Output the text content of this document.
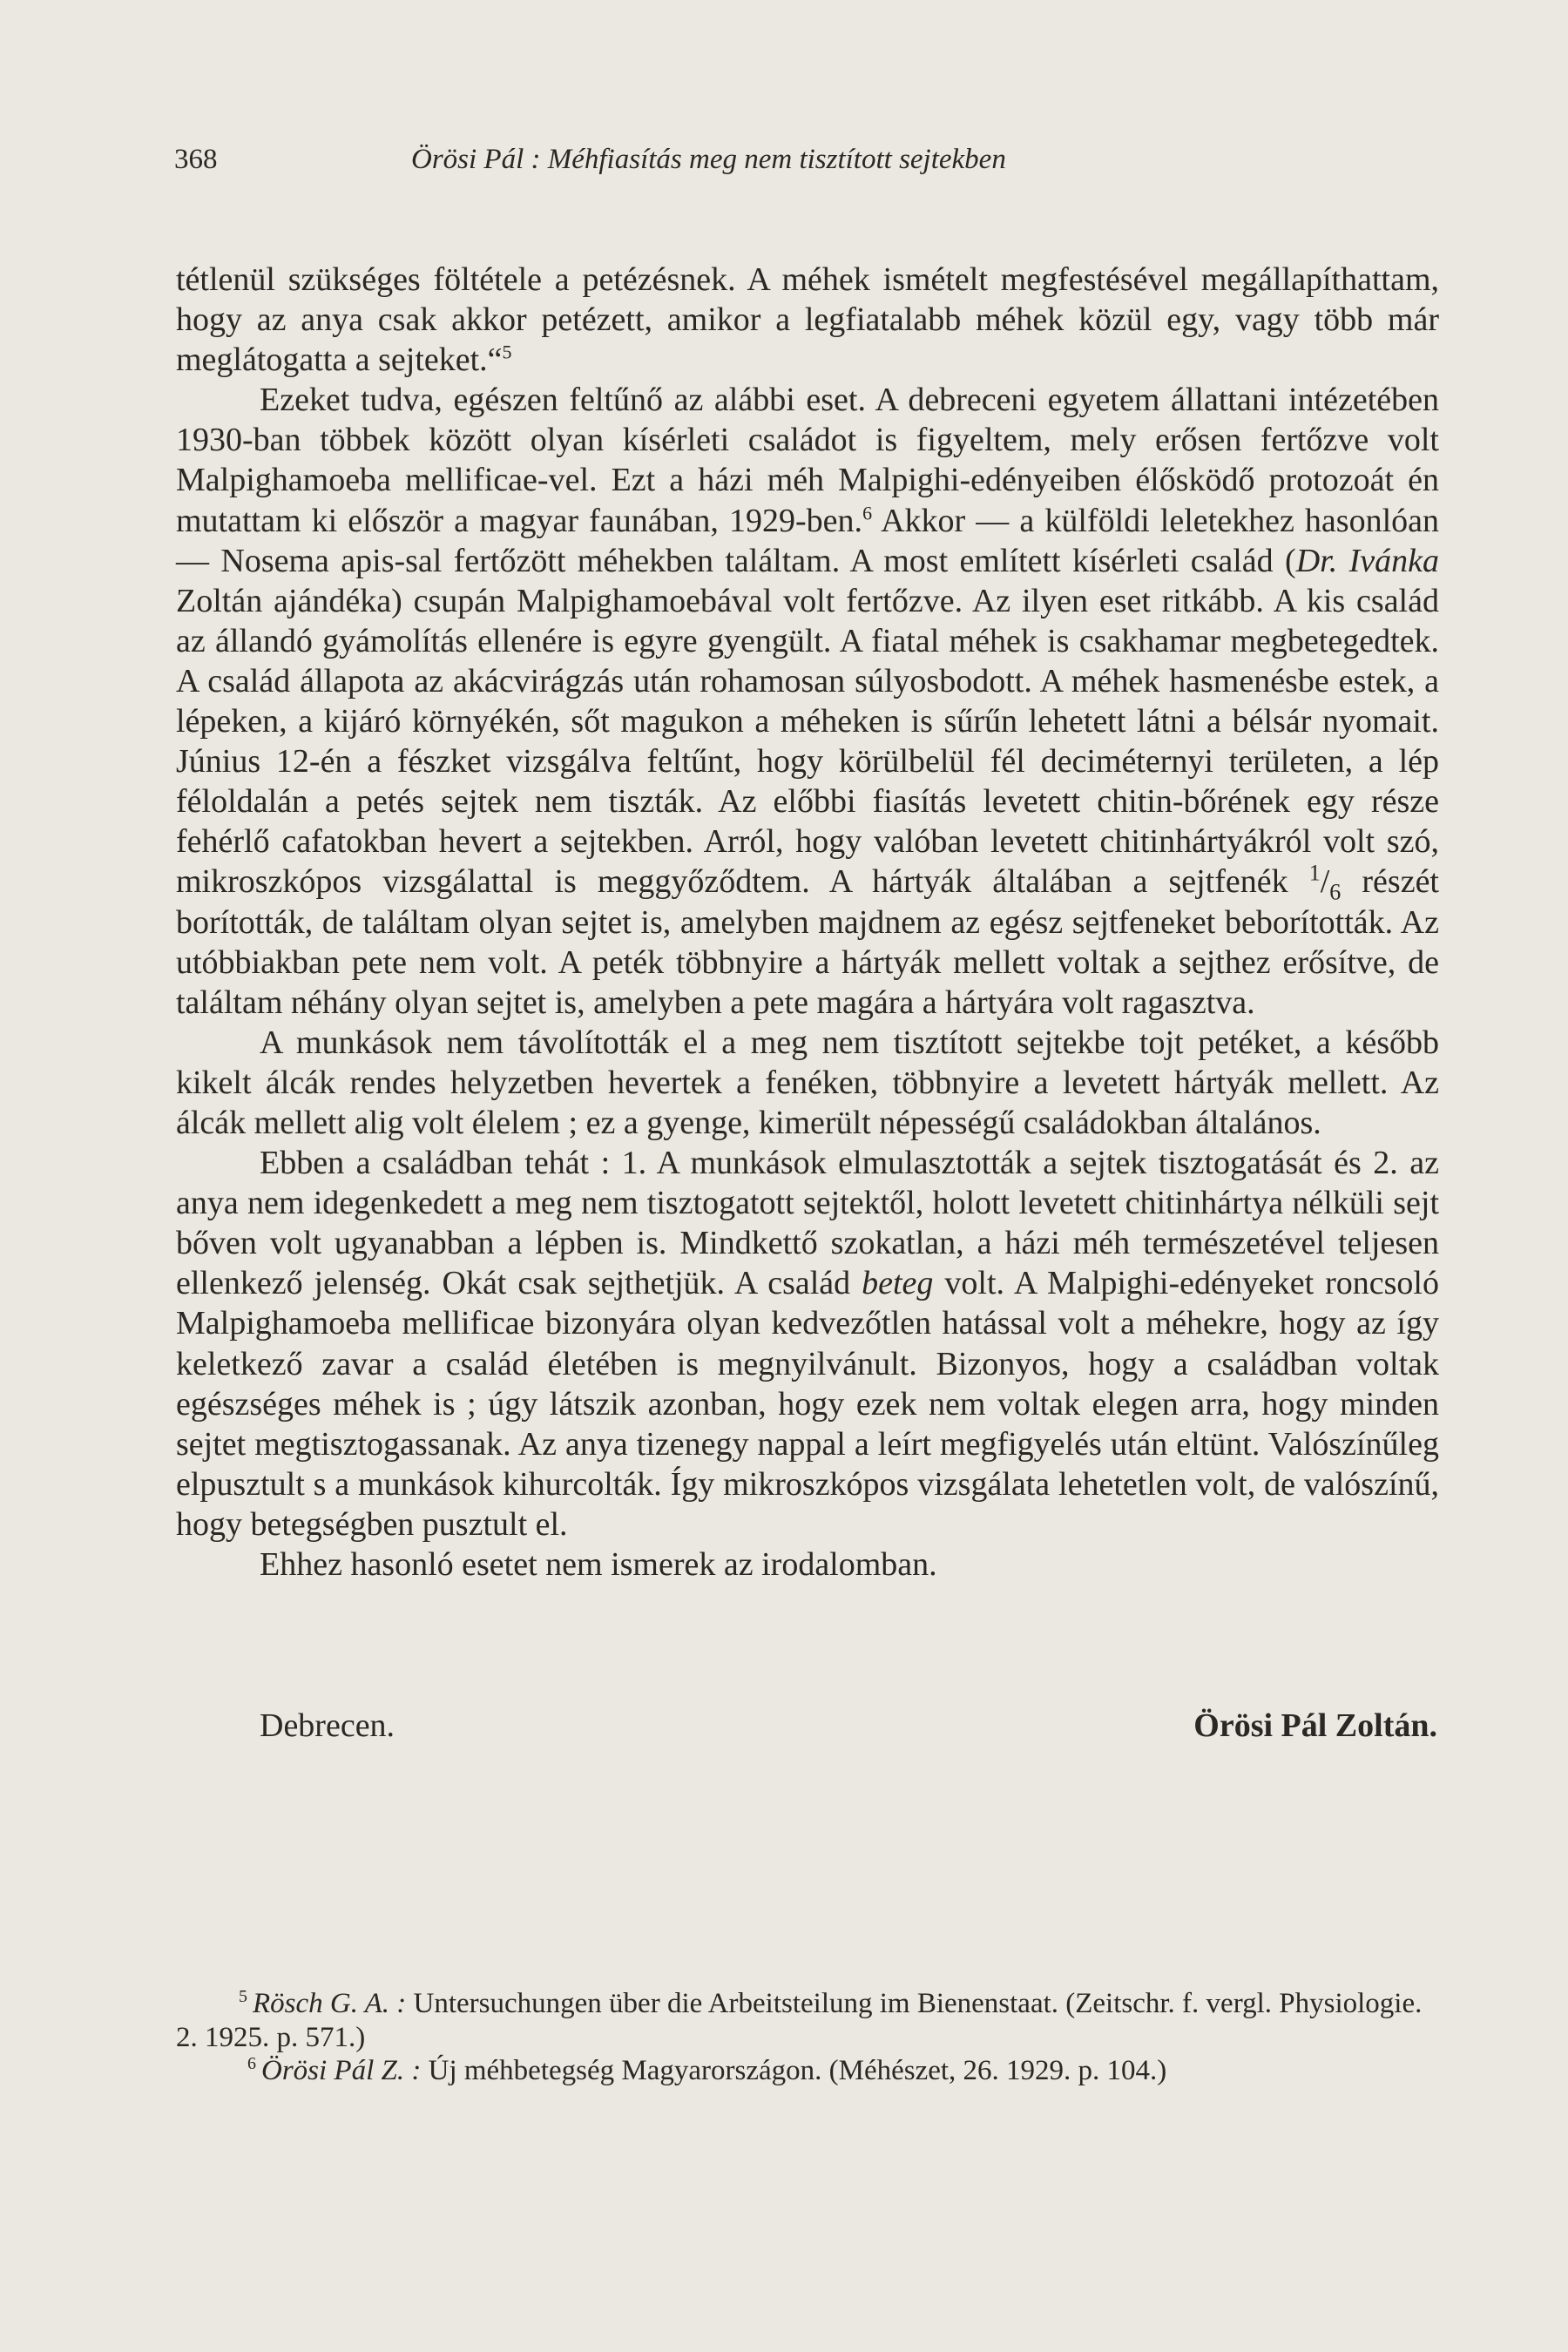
368	Örösi Pál : Méhfiasítás meg nem tisztított sejtekben

tétlenül szükséges föltétele a petézésnek. A méhek ismételt megfestésével megállapíthattam, hogy az anya csak akkor petézett, amikor a legfiatalabb méhek közül egy, vagy több már meglátogatta a sejteket.“$^5$

Ezeket tudva, egészen feltűnő az alábbi eset. A debreceni egyetem állattani intézetében 1930-ban többek között olyan kísérleti családot is figyeltem, mely erősen fertőzve volt Malpighamoeba mellificae-vel. Ezt a házi méh Malpighi-edényeiben élősködő protozoát én mutattam ki először a magyar faunában, 1929-ben.$^6$ Akkor — a külföldi leletekhez hasonlóan — Nosema apis-sal fertőzött méhekben találtam. A most említett kísérleti család (Dr. Ivánka Zoltán ajándéka) csupán Malpighamoebával volt fertőzve. Az ilyen eset ritkább. A kis család az állandó gyámolítás ellenére is egyre gyengült. A fiatal méhek is csakhamar megbetegedtek. A család állapota az akácvirágzás után rohamosan súlyosbodott. A méhek hasmenésbe estek, a lépeken, a kijáró környékén, sőt magukon a méheken is sűrűn lehetett látni a bélsár nyomait. Június 12-én a fészket vizsgálva feltűnt, hogy körülbelül fél deciméternyi területen, a lép féloldalán a petés sejtek nem tiszták. Az előbbi fiasítás levetett chitin-bőrének egy része fehérlő cafatokban hevert a sejtekben. Arról, hogy valóban levetett chitinhártyákról volt szó, mikroszkópos vizsgálattal is meggyőződtem. A hártyák általában a sejtfenék $^1/_6$ részét borították, de találtam olyan sejtet is, amelyben majdnem az egész sejtfeneket beborították. Az utóbbiakban pete nem volt. A peték többnyire a hártyák mellett voltak a sejthez erősítve, de találtam néhány olyan sejtet is, amelyben a pete magára a hártyára volt ragasztva.

A munkások nem távolították el a meg nem tisztított sejtekbe tojt petéket, a később kikelt álcák rendes helyzetben hevertek a fenéken, többnyire a levetett hártyák mellett. Az álcák mellett alig volt élelem ; ez a gyenge, kimerült népességű családokban általános.

Ebben a családban tehát : 1. A munkások elmulasztották a sejtek tisztogatását és 2. az anya nem idegenkedett a meg nem tisztogatott sejtektől, holott levetett chitinhártya nélküli sejt bőven volt ugyanabban a lépben is. Mindkettő szokatlan, a házi méh természetével teljesen ellenkező jelenség. Okát csak sejthetjük. A család beteg volt. A Malpighi-edényeket roncsoló Malpighamoeba mellificae bizonyára olyan kedvezőtlen hatással volt a méhekre, hogy az így keletkező zavar a család életében is megnyilvánult. Bizonyos, hogy a családban voltak egészséges méhek is ; úgy látszik azonban, hogy ezek nem voltak elegen arra, hogy minden sejtet megtisztogassanak. Az anya tizenegy nappal a leírt megfigyelés után eltünt. Valószínűleg elpusztult s a munkások kihurcolták. Így mikroszkópos vizsgálata lehetetlen volt, de valószínű, hogy betegségben pusztult el.

Ehhez hasonló esetet nem ismerek az irodalomban.

Debrecen.	Örösi Pál Zoltán.

$^5$ Rösch G. A. : Untersuchungen über die Arbeitsteilung im Bienenstaat. (Zeitschr. f. vergl. Physiologie. 2. 1925. p. 571.)

$^6$ Örösi Pál Z. : Új méhbetegség Magyarországon. (Méhészet, 26. 1929. p. 104.)
